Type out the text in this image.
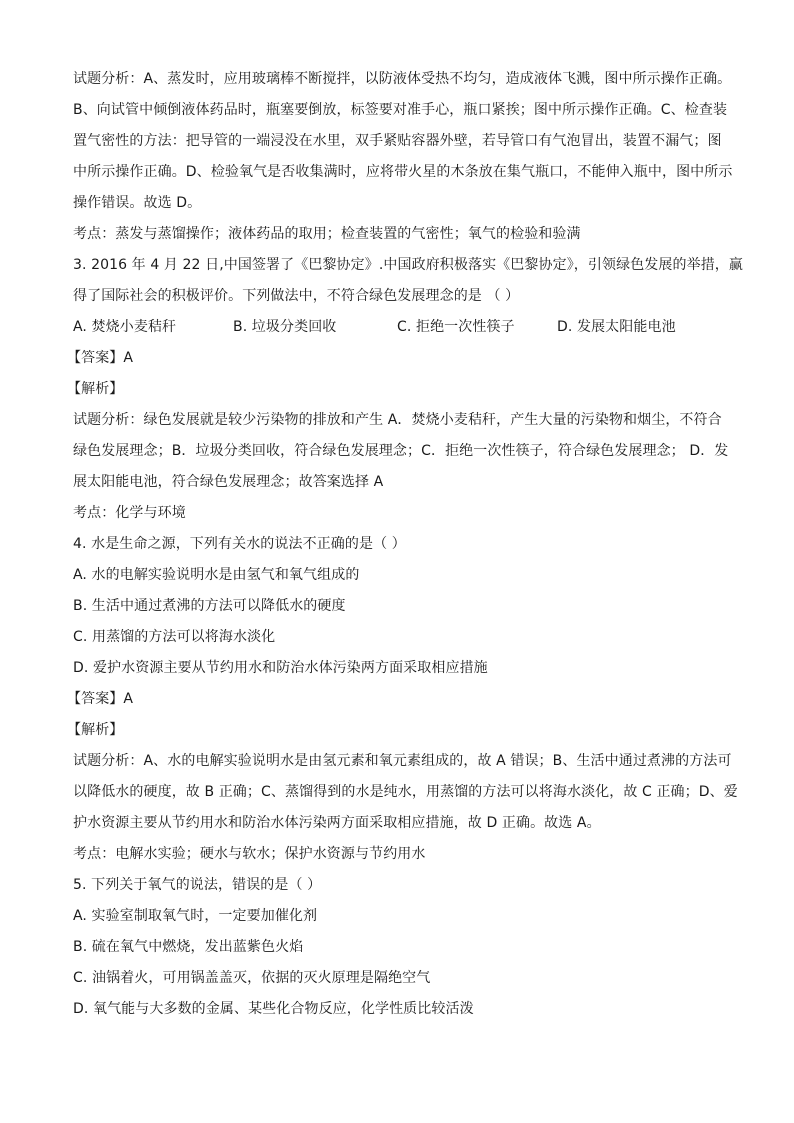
试题分析：A、蒸发时，应用玻璃棒不断搅拌，以防液体受热不均匀，造成液体飞溅，图中所示操作正确。
B、向试管中倾倒液体药品时，瓶塞要倒放，标签要对准手心，瓶口紧挨；图中所示操作正确。C、检查装
置气密性的方法：把导管的一端浸没在水里，双手紧贴容器外壁，若导管口有气泡冒出，装置不漏气；图
中所示操作正确。D、检验氧气是否收集满时，应将带火星的木条放在集气瓶口，不能伸入瓶中，图中所示
操作错误。故选 D。
考点：蒸发与蒸馏操作；液体药品的取用；检查装置的气密性；氧气的检验和验满
3. 2016 年 4 月 22 日,中国签署了《巴黎协定》.中国政府积极落实《巴黎协定》，引领绿色发展的举措，赢
得了国际社会的积极评价。下列做法中，不符合绿色发展理念的是 （ ）
A. 焚烧小麦秸秆	B. 垃圾分类回收	C. 拒绝一次性筷子	D. 发展太阳能电池
【答案】A
【解析】
试题分析：绿色发展就是较少污染物的排放和产生 A．焚烧小麦秸秆，产生大量的污染物和烟尘，不符合
绿色发展理念；B．垃圾分类回收，符合绿色发展理念；C．拒绝一次性筷子，符合绿色发展理念； D．发
展太阳能电池，符合绿色发展理念；故答案选择 A
考点：化学与环境
4. 水是生命之源，下列有关水的说法不正确的是（ ）
A. 水的电解实验说明水是由氢气和氧气组成的
B. 生活中通过煮沸的方法可以降低水的硬度
C. 用蒸馏的方法可以将海水淡化
D. 爱护水资源主要从节约用水和防治水体污染两方面采取相应措施
【答案】A
【解析】
试题分析：A、水的电解实验说明水是由氢元素和氧元素组成的，故 A 错误；B、生活中通过煮沸的方法可
以降低水的硬度，故 B 正确；C、蒸馏得到的水是纯水，用蒸馏的方法可以将海水淡化，故 C 正确；D、爱
护水资源主要从节约用水和防治水体污染两方面采取相应措施，故 D 正确。故选 A。
考点：电解水实验；硬水与软水；保护水资源与节约用水
5. 下列关于氧气的说法，错误的是（ ）
A. 实验室制取氧气时，一定要加催化剂
B. 硫在氧气中燃烧，发出蓝紫色火焰
C. 油锅着火，可用锅盖盖灭，依据的灭火原理是隔绝空气
D. 氧气能与大多数的金属、某些化合物反应，化学性质比较活泼
